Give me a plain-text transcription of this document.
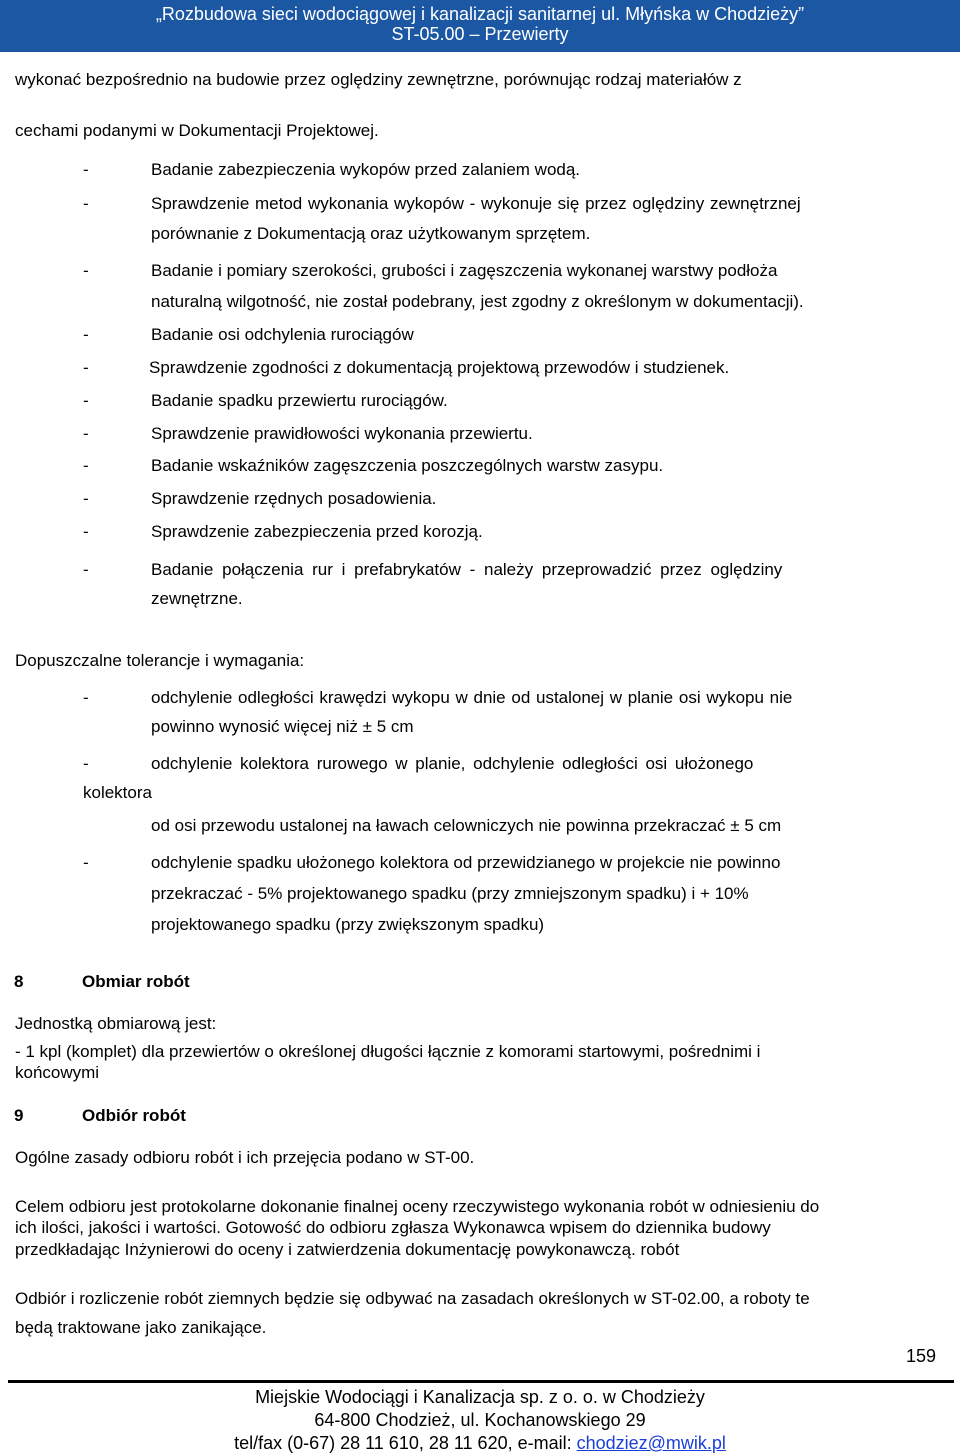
„Rozbudowa sieci wodociągowej i kanalizacji sanitarnej ul. Młyńska w Chodzieży”
ST-05.00 – Przewierty
wykonać bezpośrednio na budowie przez oględziny zewnętrzne, porównując rodzaj materiałów z
cechami podanymi w Dokumentacji Projektowej.
-	Badanie zabezpieczenia wykopów przed zalaniem wodą.
-	Sprawdzenie metod wykonania wykopów - wykonuje się przez oględziny zewnętrznej
porównanie z Dokumentacją oraz użytkowanym sprzętem.
-	Badanie i pomiary szerokości, grubości i zagęszczenia wykonanej warstwy podłoża
naturalną wilgotność, nie został podebrany, jest zgodny z określonym w dokumentacji).
-	Badanie osi odchylenia rurociągów
-	Sprawdzenie zgodności z dokumentacją projektową przewodów i studzienek.
-	Badanie spadku przewiertu rurociągów.
-	Sprawdzenie prawidłowości wykonania przewiertu.
-	Badanie wskaźników zagęszczenia poszczególnych warstw zasypu.
-	Sprawdzenie rzędnych posadowienia.
-	Sprawdzenie zabezpieczenia przed korozją.
-	Badanie połączenia rur i prefabrykatów - należy przeprowadzić przez oględziny
zewnętrzne.
Dopuszczalne tolerancje i wymagania:
-	odchylenie odległości krawędzi wykopu w dnie od ustalonej w planie osi wykopu nie
powinno wynosić więcej niż ± 5 cm
-	odchylenie kolektora rurowego w planie, odchylenie odległości osi ułożonego
kolektora
od osi przewodu ustalonej na ławach celowniczych nie powinna przekraczać ± 5 cm
-	odchylenie spadku ułożonego kolektora od przewidzianego w projekcie nie powinno
przekraczać - 5% projektowanego spadku (przy zmniejszonym spadku) i + 10%
projektowanego spadku (przy zwiększonym spadku)
8	Obmiar robót
Jednostką obmiarową jest:
- 1 kpl (komplet) dla przewiertów o określonej długości łącznie z komorami startowymi, pośrednimi i
końcowymi
9	Odbiór robót
Ogólne zasady odbioru robót i ich przejęcia podano w ST-00.
Celem odbioru jest protokolarne dokonanie finalnej oceny rzeczywistego wykonania robót w odniesieniu do
ich ilości, jakości i wartości. Gotowość do odbioru zgłasza Wykonawca wpisem do dziennika budowy
przedkładając Inżynierowi do oceny i zatwierdzenia dokumentację powykonawczą. robót
Odbiór i rozliczenie robót ziemnych będzie się odbywać na zasadach określonych w ST-02.00, a roboty te
będą traktowane jako zanikające.
159
Miejskie Wodociągi i Kanalizacja sp. z o. o. w Chodzieży
64-800 Chodzież, ul. Kochanowskiego 29
tel/fax (0-67) 28 11 610, 28 11 620, e-mail: chodziez@mwik.pl
